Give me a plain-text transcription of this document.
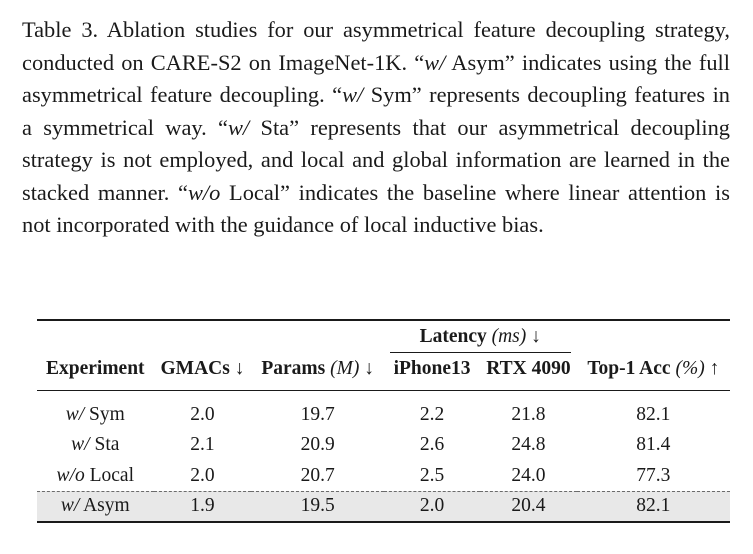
Table 3. Ablation studies for our asymmetrical feature decoupling strategy, conducted on CARE-S2 on ImageNet-1K. “w/ Asym” indicates using the full asymmetrical feature decoupling. “w/ Sym” represents decoupling features in a symmetrical way. “w/ Sta” represents that our asymmetrical decoupling strategy is not employed, and local and global information are learned in the stacked manner. “w/o Local” indicates the baseline where linear attention is not incorporated with the guidance of local inductive bias.
			Latency (ms) ↓		
Experiment	GMACs ↓	Params (M) ↓	iPhone13	RTX 4090	Top-1 Acc (%) ↑
w/ Sym	2.0	19.7	2.2	21.8	82.1
w/ Sta	2.1	20.9	2.6	24.8	81.4
w/o Local	2.0	20.7	2.5	24.0	77.3
w/ Asym	1.9	19.5	2.0	20.4	82.1
